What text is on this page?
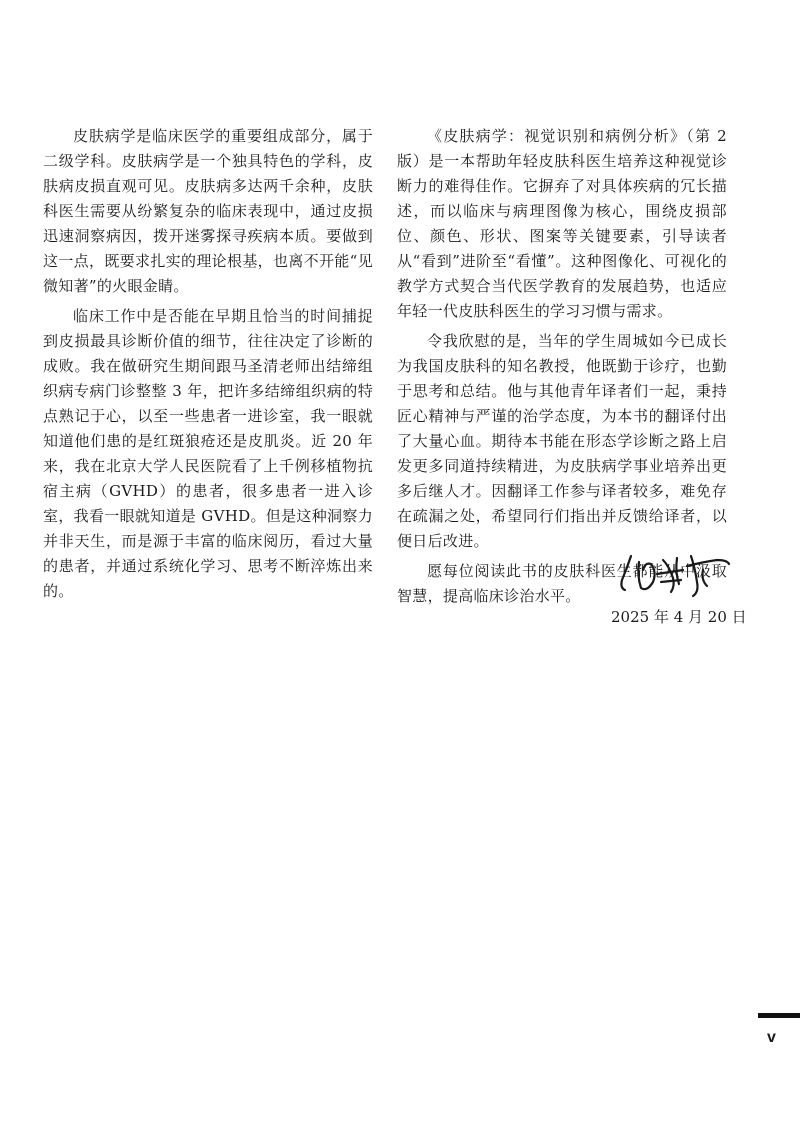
皮肤病学是临床医学的重要组成部分，属于二级学科。皮肤病学是一个独具特色的学科，皮肤病皮损直观可见。皮肤病多达两千余种，皮肤科医生需要从纷繁复杂的临床表现中，通过皮损迅速洞察病因，拨开迷雾探寻疾病本质。要做到这一点，既要求扎实的理论根基，也离不开能“见微知著”的火眼金睛。

临床工作中是否能在早期且恰当的时间捕捉到皮损最具诊断价值的细节，往往决定了诊断的成败。我在做研究生期间跟马圣清老师出结缔组织病专病门诊整整 3 年，把许多结缔组织病的特点熟记于心，以至一些患者一进诊室，我一眼就知道他们患的是红斑狼疮还是皮肌炎。近 20 年来，我在北京大学人民医院看了上千例移植物抗宿主病（GVHD）的患者，很多患者一进入诊室，我看一眼就知道是 GVHD。但是这种洞察力并非天生，而是源于丰富的临床阅历，看过大量的患者，并通过系统化学习、思考不断淬炼出来的。

《皮肤病学：视觉识别和病例分析》（第 2 版）是一本帮助年轻皮肤科医生培养这种视觉诊断力的难得佳作。它摒弃了对具体疾病的冗长描述，而以临床与病理图像为核心，围绕皮损部位、颜色、形状、图案等关键要素，引导读者从“看到”进阶至“看懂”。这种图像化、可视化的教学方式契合当代医学教育的发展趋势，也适应年轻一代皮肤科医生的学习习惯与需求。

令我欣慰的是，当年的学生周城如今已成长为我国皮肤科的知名教授，他既勤于诊疗，也勤于思考和总结。他与其他青年译者们一起，秉持匠心精神与严谨的治学态度，为本书的翻译付出了大量心血。期待本书能在形态学诊断之路上启发更多同道持续精进，为皮肤病学事业培养出更多后继人才。因翻译工作参与译者较多，难免存在疏漏之处，希望同行们指出并反馈给译者，以便日后改进。

愿每位阅读此书的皮肤科医生都能从中汲取智慧，提高临床诊治水平。

2025 年 4 月 20 日
v
